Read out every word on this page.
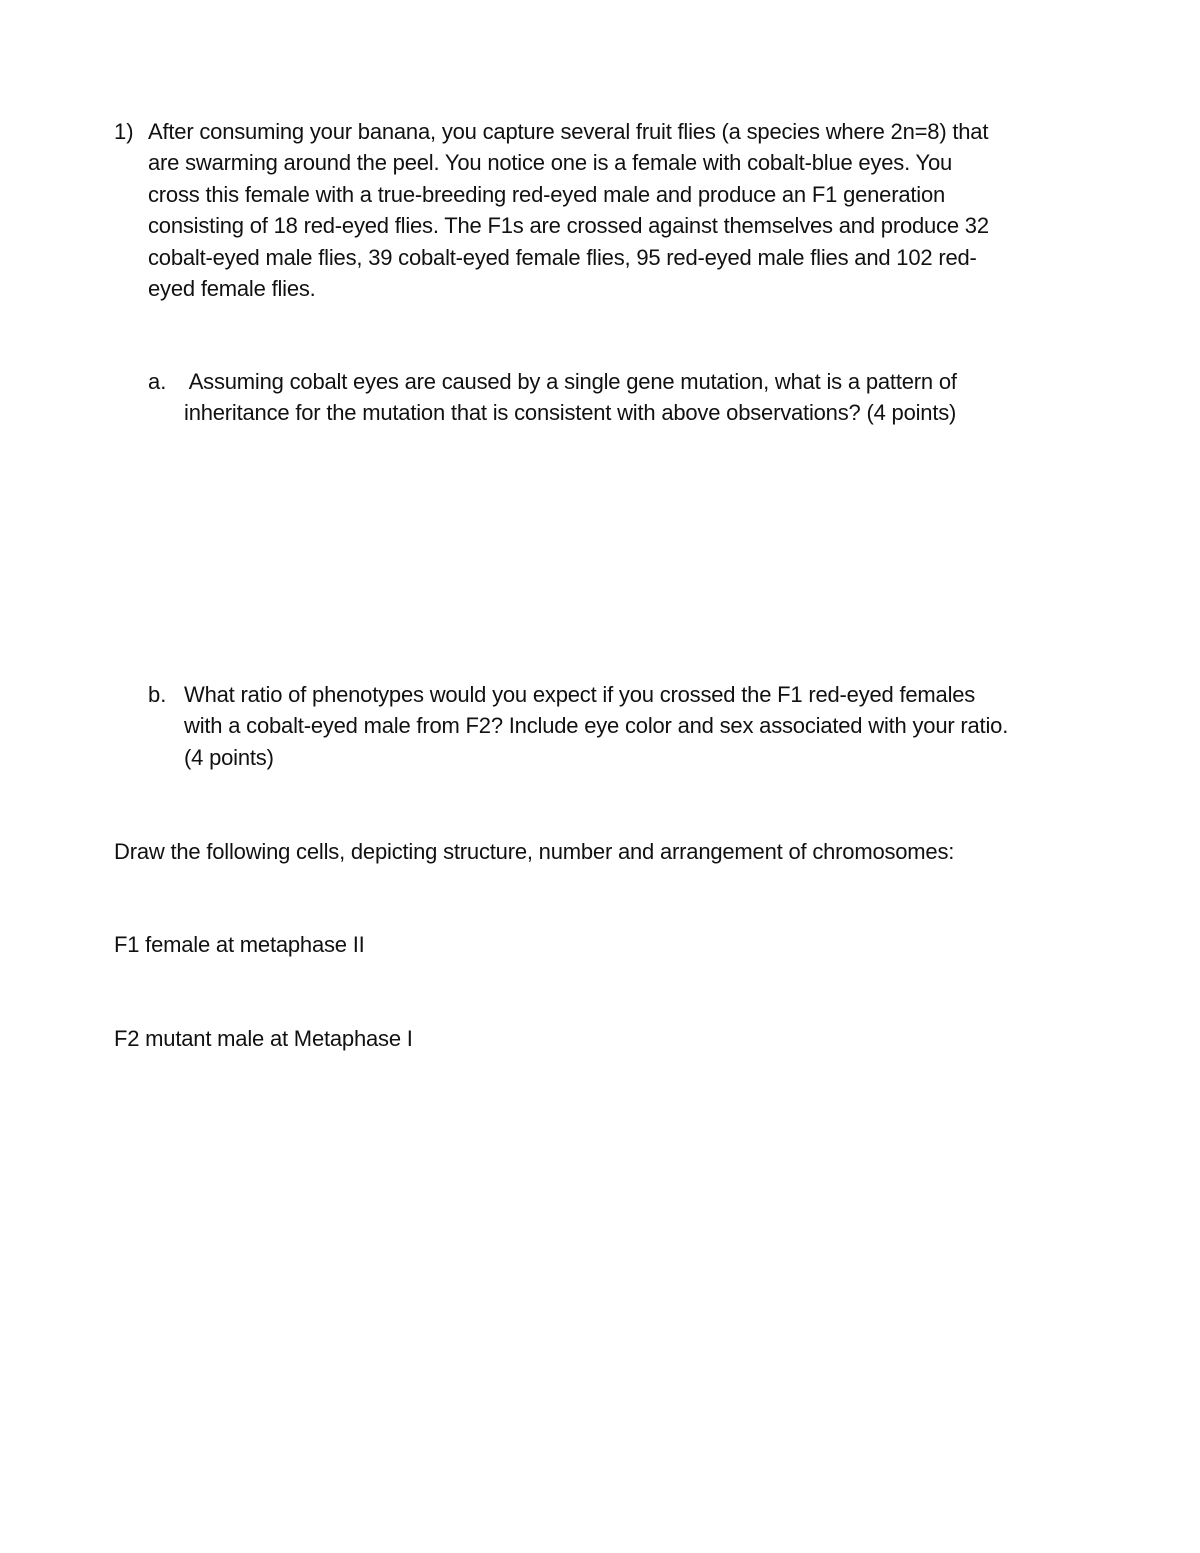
1) After consuming your banana, you capture several fruit flies (a species where 2n=8) that
are swarming around the peel. You notice one is a female with cobalt-blue eyes. You
cross this female with a true-breeding red-eyed male and produce an F1 generation
consisting of 18 red-eyed flies. The F1s are crossed against themselves and produce 32
cobalt-eyed male flies, 39 cobalt-eyed female flies, 95 red-eyed male flies and 102 red-
eyed female flies.

a. Assuming cobalt eyes are caused by a single gene mutation, what is a pattern of
inheritance for the mutation that is consistent with above observations? (4 points)

b. What ratio of phenotypes would you expect if you crossed the F1 red-eyed females
with a cobalt-eyed male from F2? Include eye color and sex associated with your ratio.
(4 points)

Draw the following cells, depicting structure, number and arrangement of chromosomes:

F1 female at metaphase II

F2 mutant male at Metaphase I
